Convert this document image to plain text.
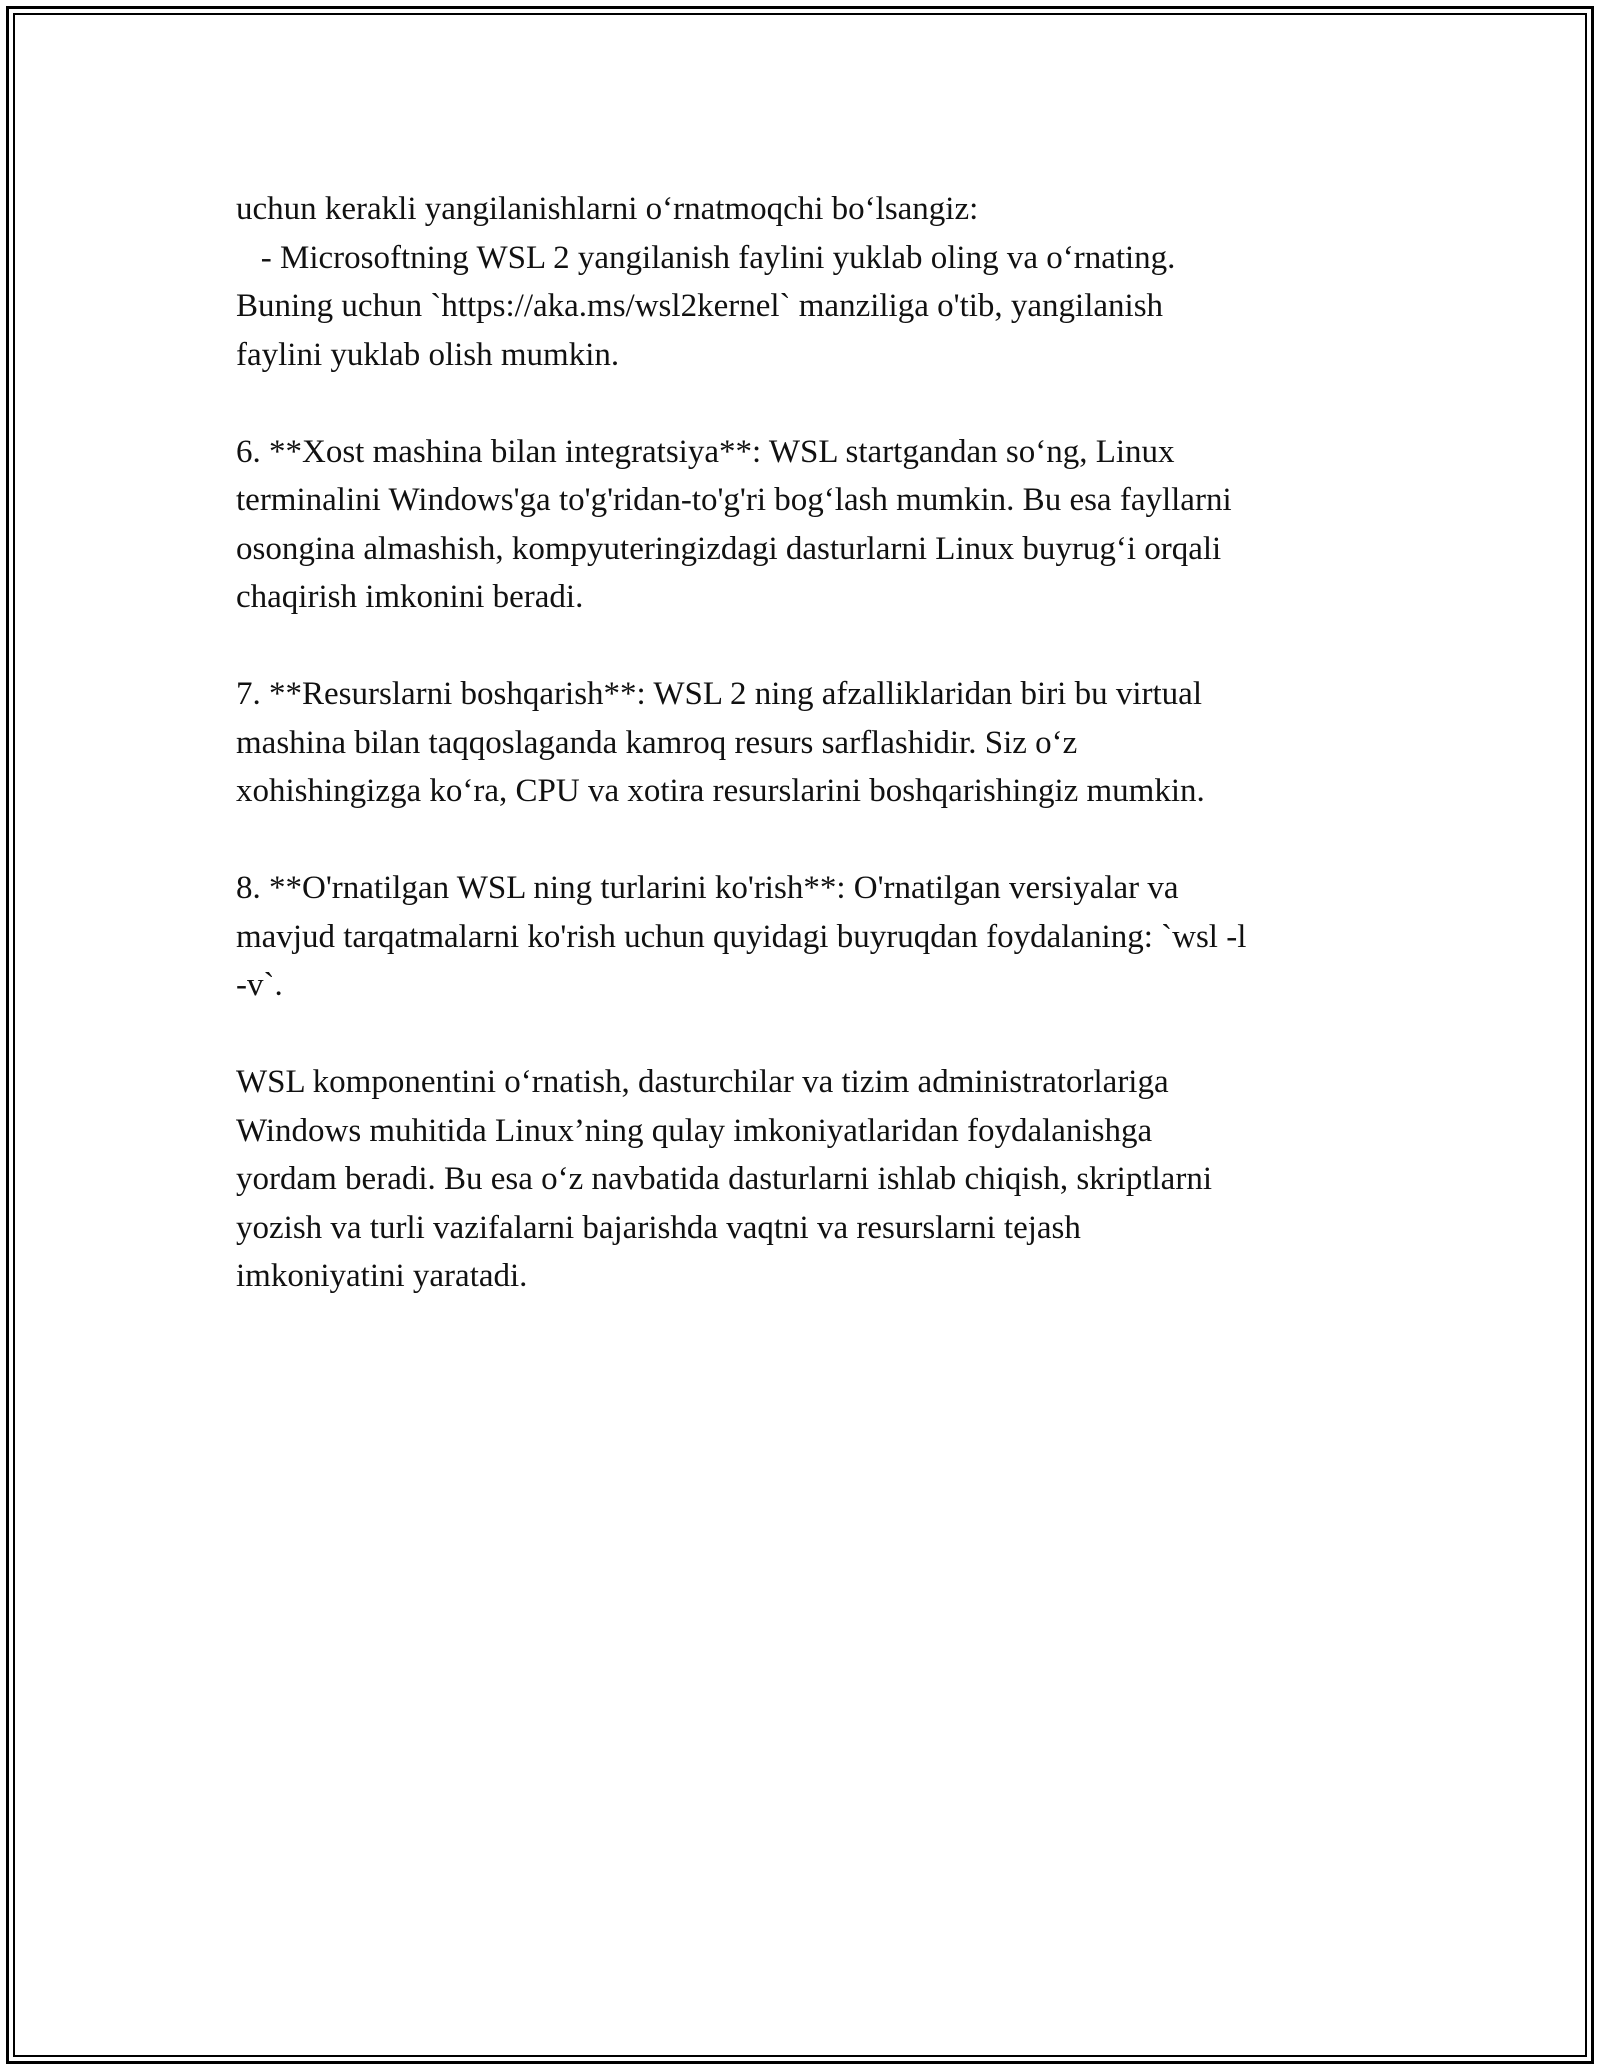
uchun kerakli yangilanishlarni o‘rnatmoqchi bo‘lsangiz:
- Microsoftning WSL 2 yangilanish faylini yuklab oling va o‘rnating.
Buning uchun `https://aka.ms/wsl2kernel` manziliga o'tib, yangilanish
faylini yuklab olish mumkin.
6. **Xost mashina bilan integratsiya**: WSL startgandan so‘ng, Linux
terminalini Windows'ga to'g'ridan-to'g'ri bog‘lash mumkin. Bu esa fayllarni
osongina almashish, kompyuteringizdagi dasturlarni Linux buyrug‘i orqali
chaqirish imkonini beradi.
7. **Resurslarni boshqarish**: WSL 2 ning afzalliklaridan biri bu virtual
mashina bilan taqqoslaganda kamroq resurs sarflashidir. Siz o‘z
xohishingizga ko‘ra, CPU va xotira resurslarini boshqarishingiz mumkin.
8. **O'rnatilgan WSL ning turlarini ko'rish**: O'rnatilgan versiyalar va
mavjud tarqatmalarni ko'rish uchun quyidagi buyruqdan foydalaning: `wsl -l
-v`.
WSL komponentini o‘rnatish, dasturchilar va tizim administratorlariga
Windows muhitida Linux’ning qulay imkoniyatlaridan foydalanishga
yordam beradi. Bu esa o‘z navbatida dasturlarni ishlab chiqish, skriptlarni
yozish va turli vazifalarni bajarishda vaqtni va resurslarni tejash
imkoniyatini yaratadi.
